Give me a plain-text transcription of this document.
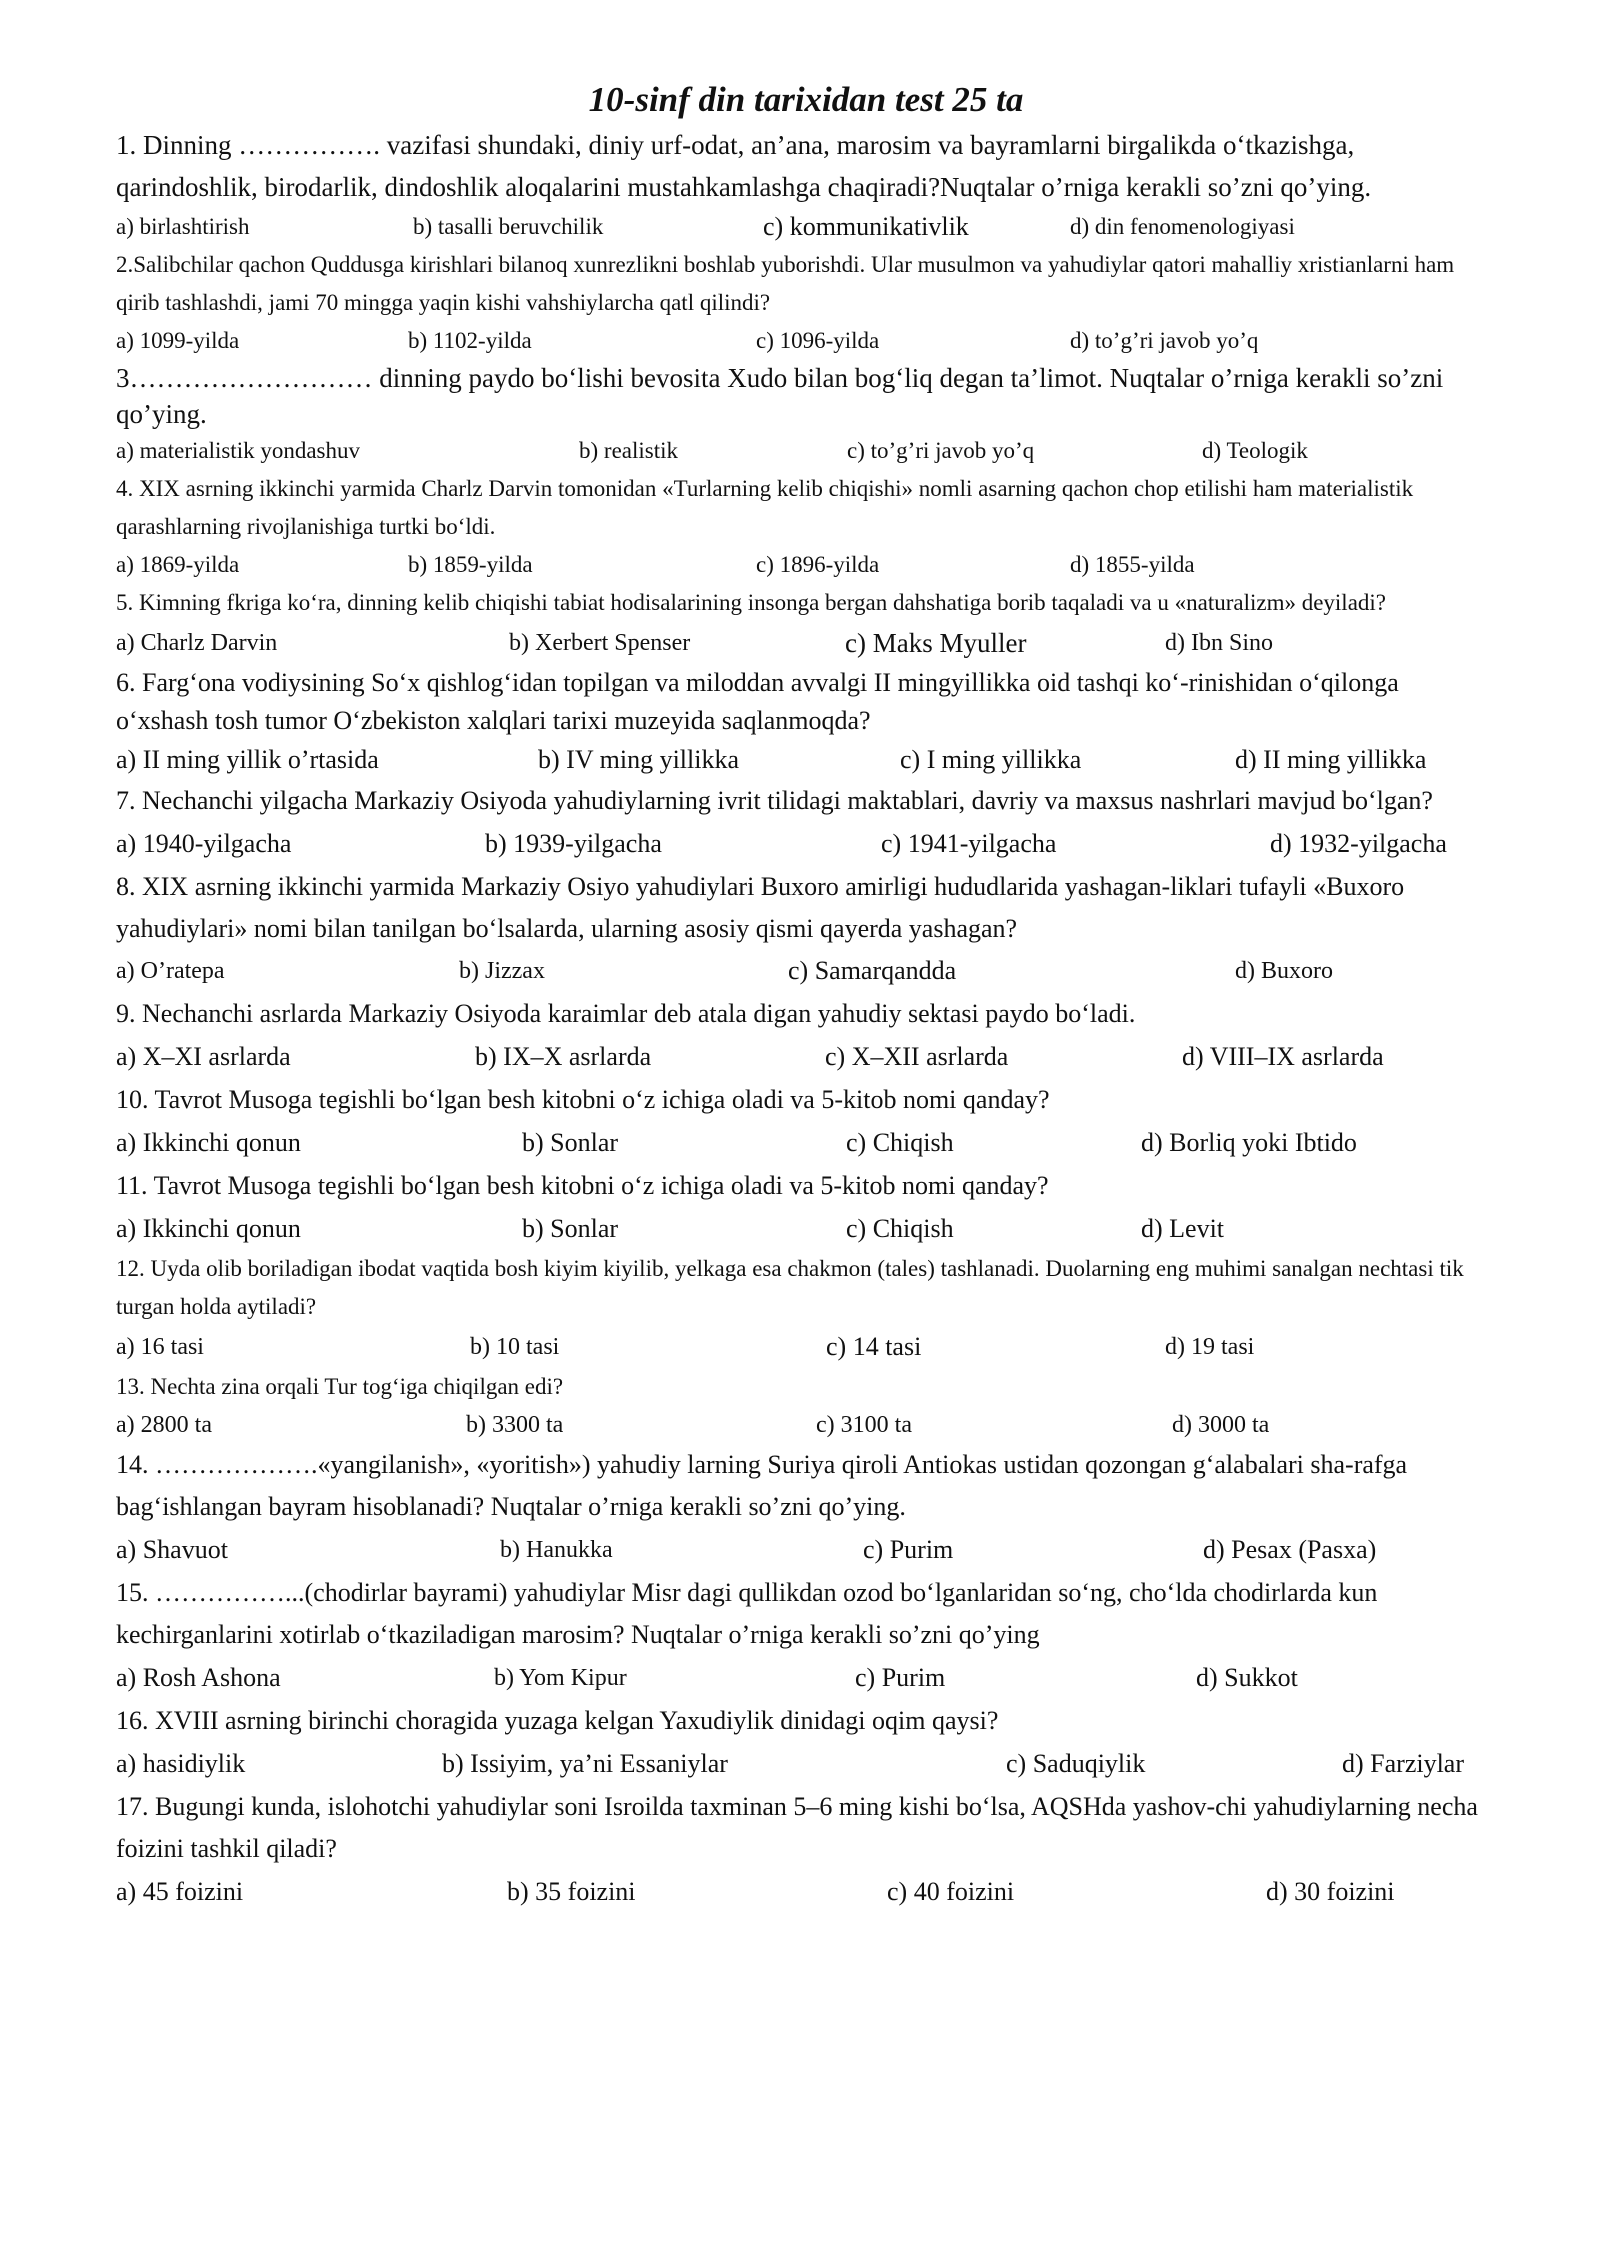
10-sinf din tarixidan test 25 ta
1. Dinning ……………. vazifasi shundaki, diniy urf-odat, an’ana, marosim va bayramlarni birgalikda o‘tkazishga, qarindoshlik, birodarlik, dindoshlik aloqalarini mustahkamlashga chaqiradi?Nuqtalar o’rniga kerakli so’zni qo’ying.
a) birlashtirish	b) tasalli beruvchilik	c) kommunikativlik	d) din fenomenologiyasi
2.Salibchilar qachon Quddusga kirishlari bilanoq xunrezlikni boshlab yuborishdi. Ular musulmon va yahudiylar qatori mahalliy xristianlarni ham qirib tashlashdi, jami 70 mingga yaqin kishi vahshiylarcha qatl qilindi?
a) 1099-yilda	b) 1102-yilda	c) 1096-yilda	d) to’g’ri javob yo’q
3……………………… dinning paydo bo‘lishi bevosita Xudo bilan bog‘liq degan ta’limot. Nuqtalar o’rniga kerakli so’zni qo’ying.
a) materialistik yondashuv	b) realistik	c) to’g’ri javob yo’q	d) Teologik
4. XIX asrning ikkinchi yarmida Charlz Darvin tomonidan «Turlarning kelib chiqishi» nomli asarning qachon chop etilishi ham materialistik qarashlarning rivojlanishiga turtki bo‘ldi.
a) 1869-yilda	b) 1859-yilda	c) 1896-yilda	d) 1855-yilda
5. Kimning fkriga ko‘ra, dinning kelib chiqishi tabiat hodisalarining insonga bergan dahshatiga borib taqaladi va u «naturalizm» deyiladi?
a) Charlz Darvin	b) Xerbert Spenser	c) Maks Myuller	d) Ibn Sino
6. Farg‘ona vodiysining So‘x qishlog‘idan topilgan va miloddan avvalgi II mingyillikka oid tashqi ko‘-rinishidan o‘qilonga o‘xshash tosh tumor O‘zbekiston xalqlari tarixi muzeyida saqlanmoqda?
a) II ming yillik o’rtasida	b) IV ming yillikka	c) I ming yillikka	d) II ming yillikka
7. Nechanchi yilgacha Markaziy Osiyoda yahudiylarning ivrit tilidagi maktablari, davriy va maxsus nashrlari mavjud bo‘lgan?
a) 1940-yilgacha	b) 1939-yilgacha	c) 1941-yilgacha	d) 1932-yilgacha
8. XIX asrning ikkinchi yarmida Markaziy Osiyo yahudiylari Buxoro amirligi hududlarida yashagan-liklari tufayli «Buxoro yahudiylari» nomi bilan tanilgan bo‘lsalarda, ularning asosiy qismi qayerda yashagan?
a) O’ratepa	b) Jizzax	c) Samarqandda	d) Buxoro
9. Nechanchi asrlarda Markaziy Osiyoda karaimlar deb atala digan yahudiy sektasi paydo bo‘ladi.
a) X–XI asrlarda	b) IX–X asrlarda	c) X–XII asrlarda	d) VIII–IX asrlarda
10. Tavrot Musoga tegishli bo‘lgan besh kitobni o‘z ichiga oladi va 5-kitob nomi qanday?
a) Ikkinchi qonun	b) Sonlar	c) Chiqish	d) Borliq yoki Ibtido
11. Tavrot Musoga tegishli bo‘lgan besh kitobni o‘z ichiga oladi va 5-kitob nomi qanday?
a) Ikkinchi qonun	b) Sonlar	c) Chiqish	d) Levit
12. Uyda olib boriladigan ibodat vaqtida bosh kiyim kiyilib, yelkaga esa chakmon (tales) tashlanadi. Duolarning eng muhimi sanalgan nechtasi tik turgan holda aytiladi?
a) 16 tasi	b) 10 tasi	c) 14 tasi	d) 19 tasi
13. Nechta zina orqali Tur tog‘iga chiqilgan edi?
a) 2800 ta	b) 3300 ta	c) 3100 ta	d) 3000 ta
14. ……………….«yangilanish», «yoritish») yahudiy larning Suriya qiroli Antiokas ustidan qozongan g‘alabalari sha-rafga bag‘ishlangan bayram hisoblanadi? Nuqtalar o’rniga kerakli so’zni qo’ying.
a) Shavuot	b) Hanukka	c) Purim	d) Pesax (Pasxa)
15. ……………...(chodirlar bayrami) yahudiylar Misr dagi qullikdan ozod bo‘lganlaridan so‘ng, cho‘lda chodirlarda kun kechirganlarini xotirlab o‘tkaziladigan marosim? Nuqtalar o’rniga kerakli so’zni qo’ying
a) Rosh Ashona	b) Yom Kipur	c) Purim	d) Sukkot
16. XVIII asrning birinchi choragida yuzaga kelgan Yaxudiylik dinidagi oqim qaysi?
a) hasidiylik	b) Issiyim, ya’ni Essaniylar	c) Saduqiylik	d) Farziylar
17. Bugungi kunda, islohotchi yahudiylar soni Isroilda taxminan 5–6 ming kishi bo‘lsa, AQSHda yashov-chi yahudiylarning necha foizini tashkil qiladi?
a) 45 foizini	b) 35 foizini	c) 40 foizini	d) 30 foizini
